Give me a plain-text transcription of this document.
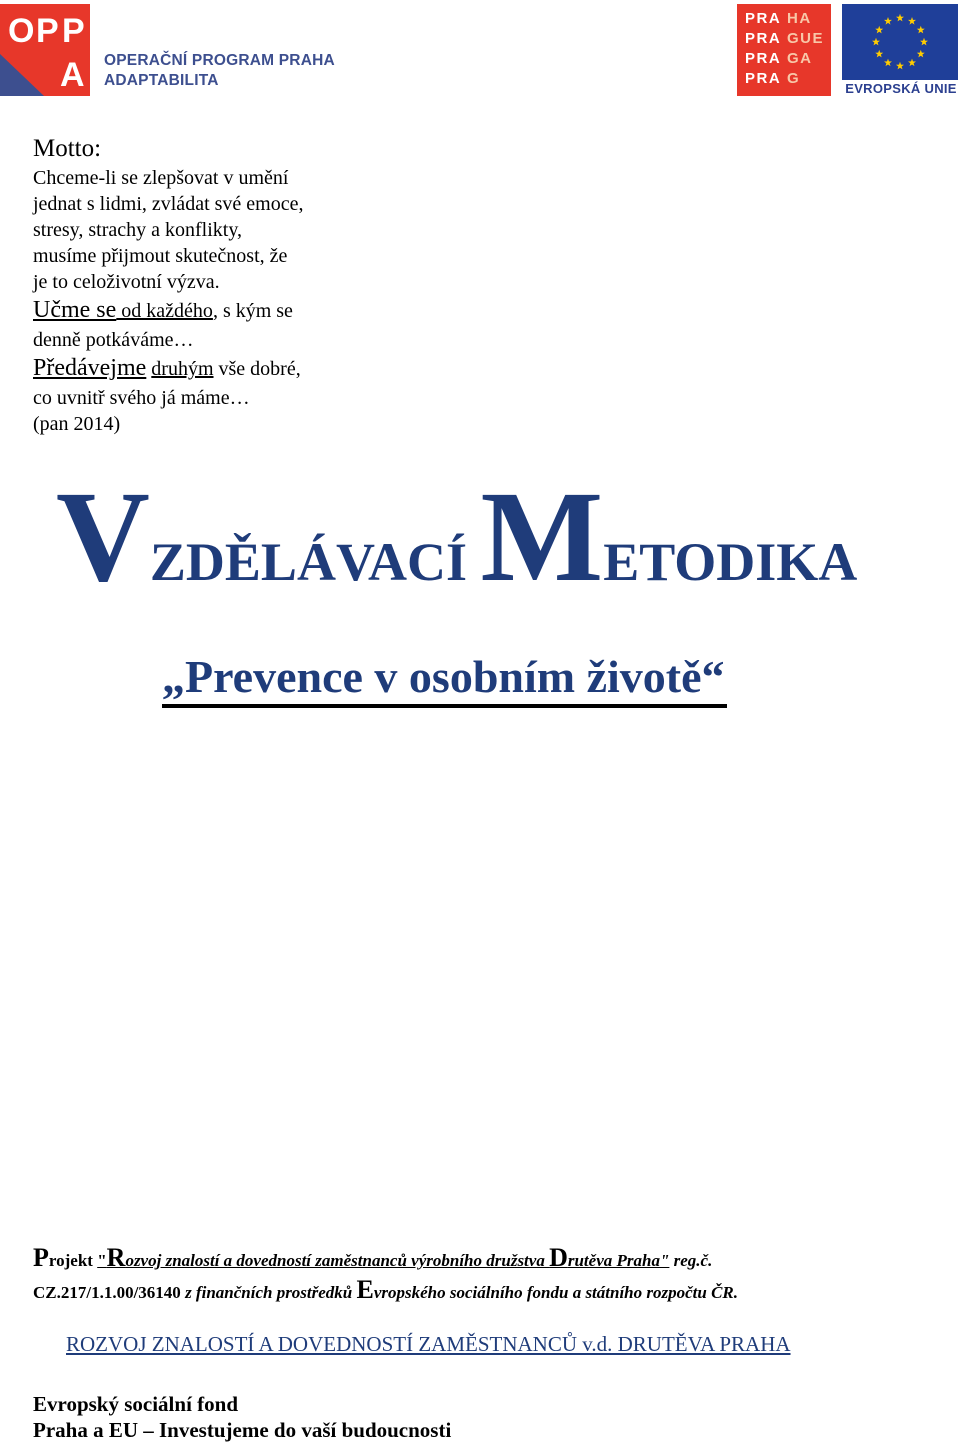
O P P
A OPERAČNÍ PROGRAM PRAHA
ADAPTABILITA
PRA HA
PRA GUE
PRA GA
PRA G
EVROPSKÁ UNIE
Motto:
Chceme-li se zlepšovat v umění
jednat s lidmi, zvládat své emoce,
stresy, strachy a konflikty,
musíme přijmout skutečnost, že
je to celoživotní výzva.
Učme se od každého, s kým se
denně potkáváme…
Předávejme druhým vše dobré,
co uvnitř svého já máme…
(pan 2014)
VZDĚLÁVACÍ METODIKA
„Prevence v osobním životě“
Projekt "Rozvoj znalostí a dovedností zaměstnanců výrobního družstva Drutěva Praha" reg.č.
CZ.217/1.1.00/36140 z finančních prostředků Evropského sociálního fondu a státního rozpočtu ČR.
ROZVOJ ZNALOSTÍ A DOVEDNOSTÍ ZAMĚSTNANCŮ v.d. DRUTĚVA PRAHA
Evropský sociální fond
Praha a EU – Investujeme do vaší budoucnosti
